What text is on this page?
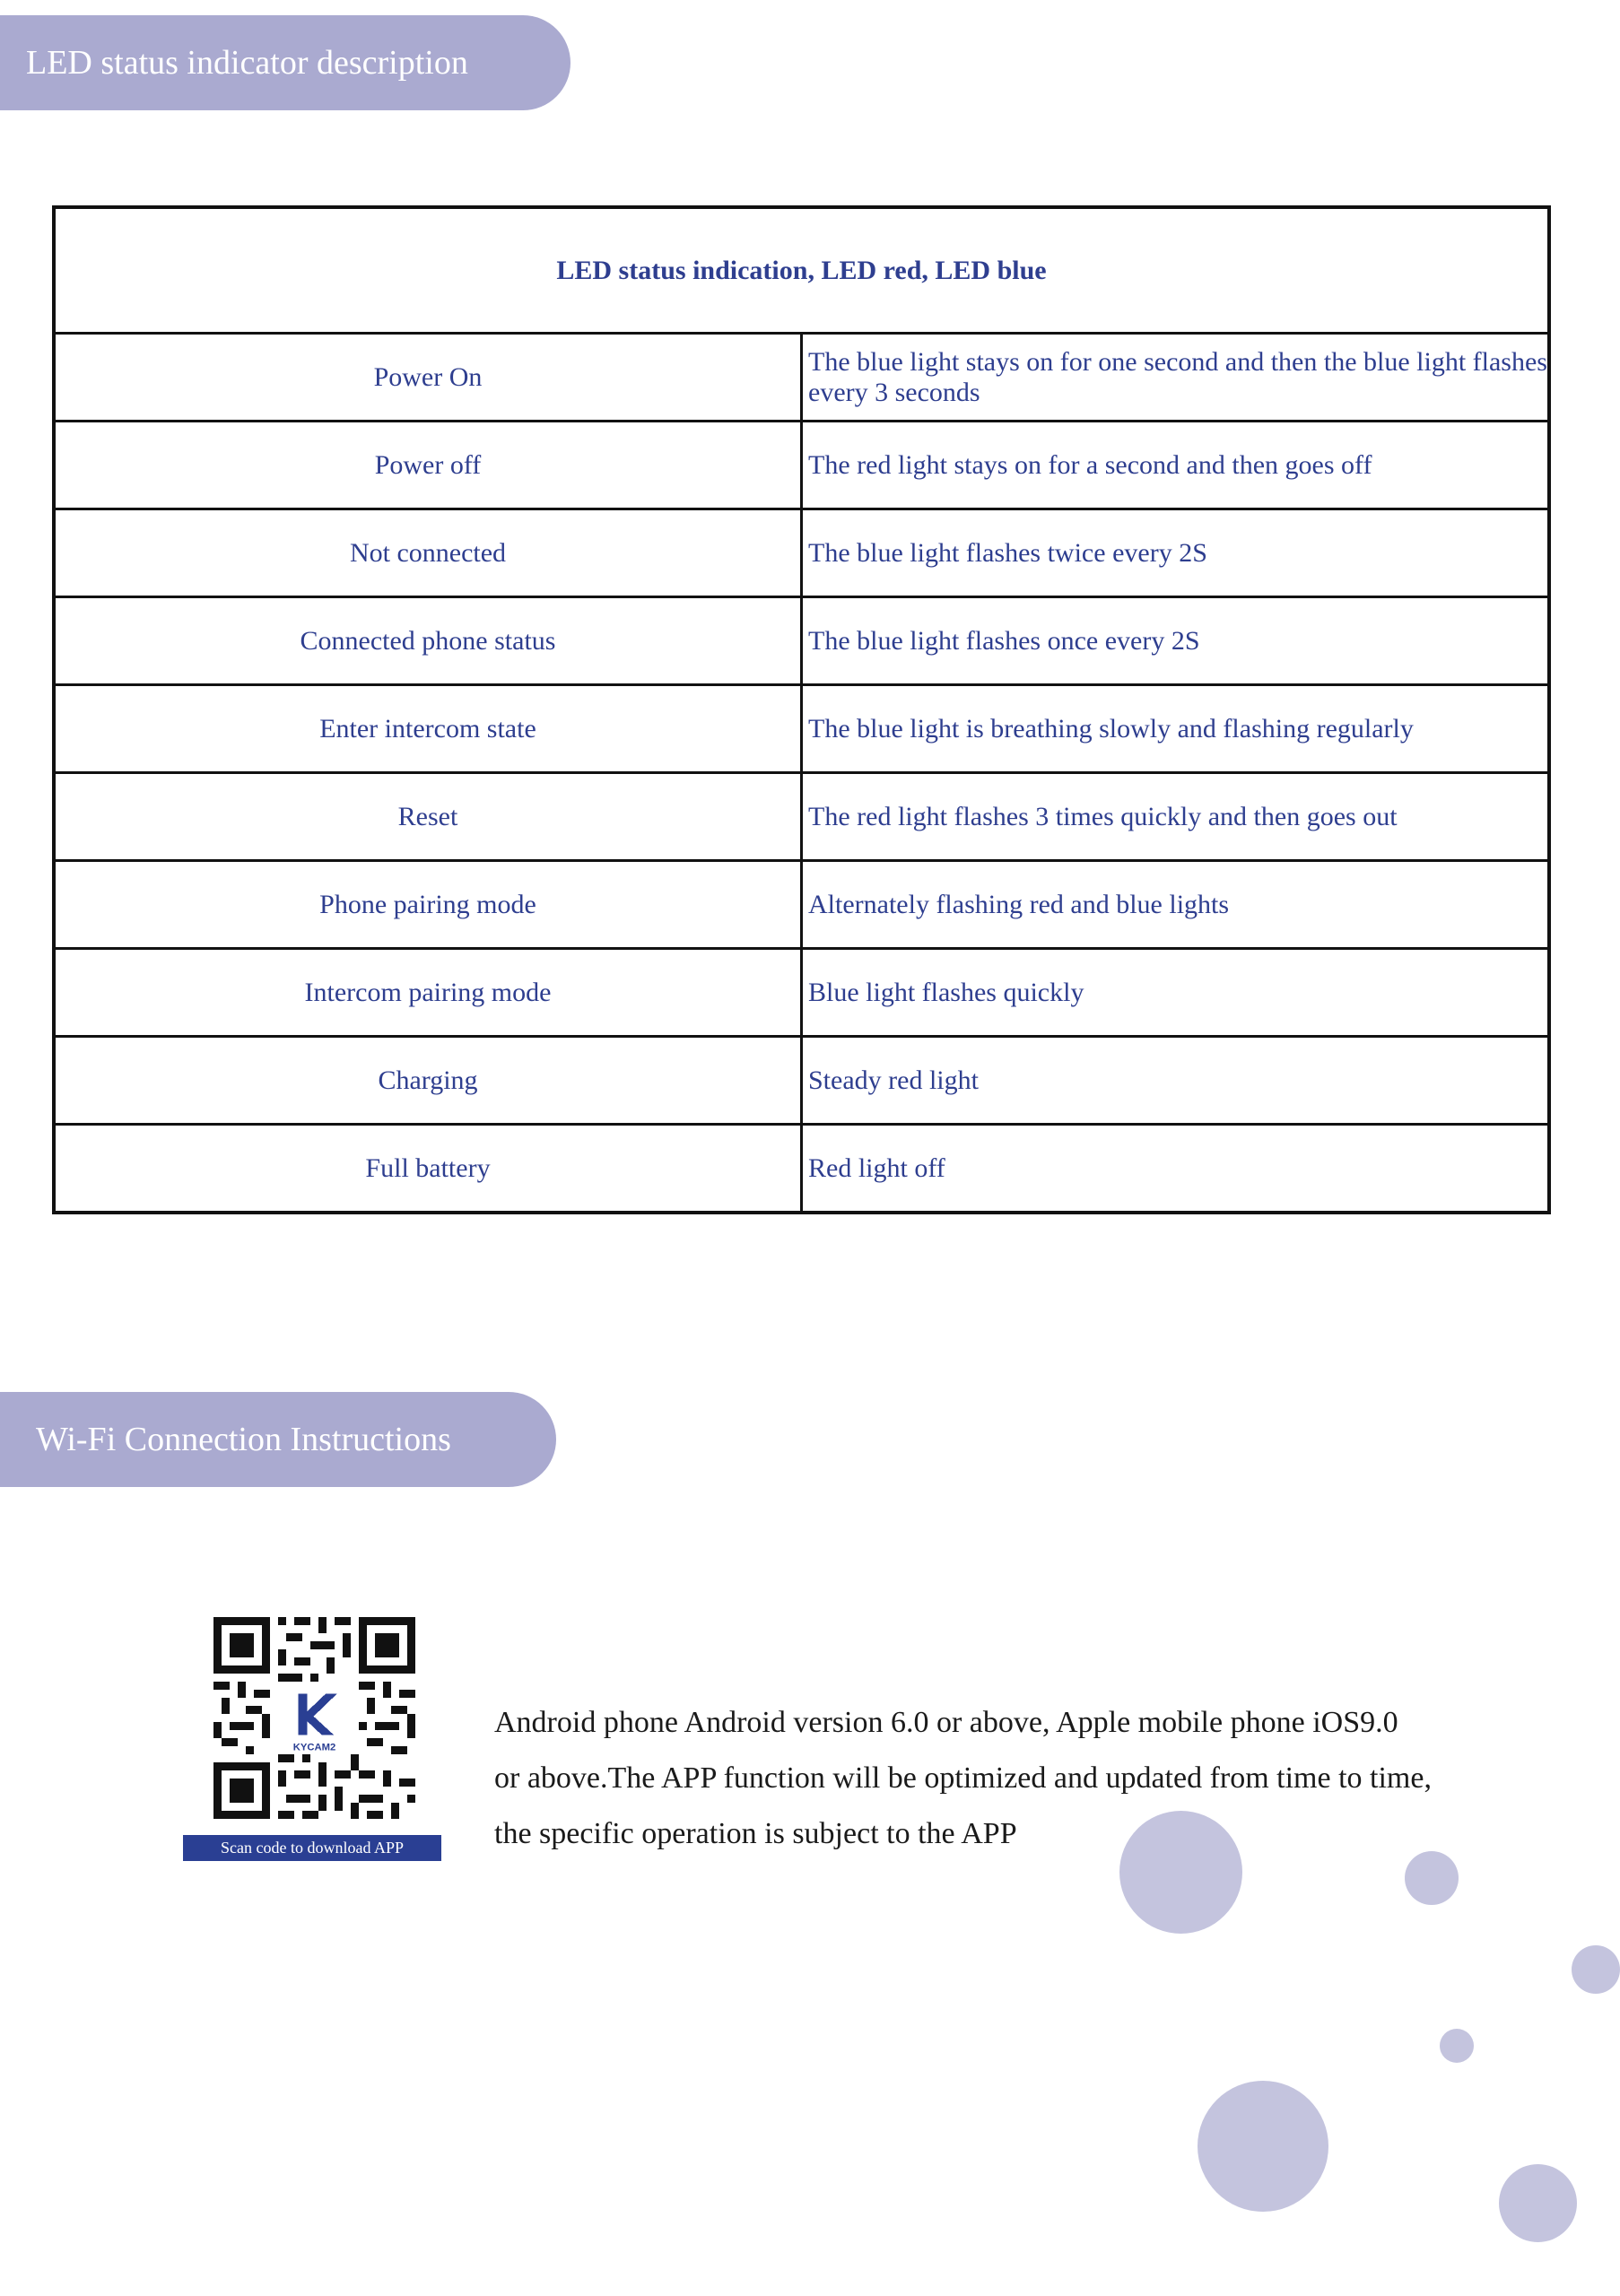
LED status indicator description
LED status indication, LED red, LED blue	
Power On	The blue light stays on for one second and then the blue light flashes every 3 seconds
Power off	The red light stays on for a second and then goes off
Not connected	The blue light flashes twice every 2S
Connected phone status	The blue light flashes once every 2S
Enter intercom state	The blue light is breathing slowly and flashing regularly
Reset	The red light flashes 3 times quickly and then goes out
Phone pairing mode	Alternately flashing red and blue lights
Intercom pairing mode	Blue light flashes quickly
Charging	Steady red light
Full battery	Red light off
Wi-Fi Connection Instructions
KYCAM2
Scan code to download APP
Android phone Android version 6.0 or above, Apple mobile phone iOS9.0
or above.The APP function will be optimized and updated from time to time,
the specific operation is subject to the APP
